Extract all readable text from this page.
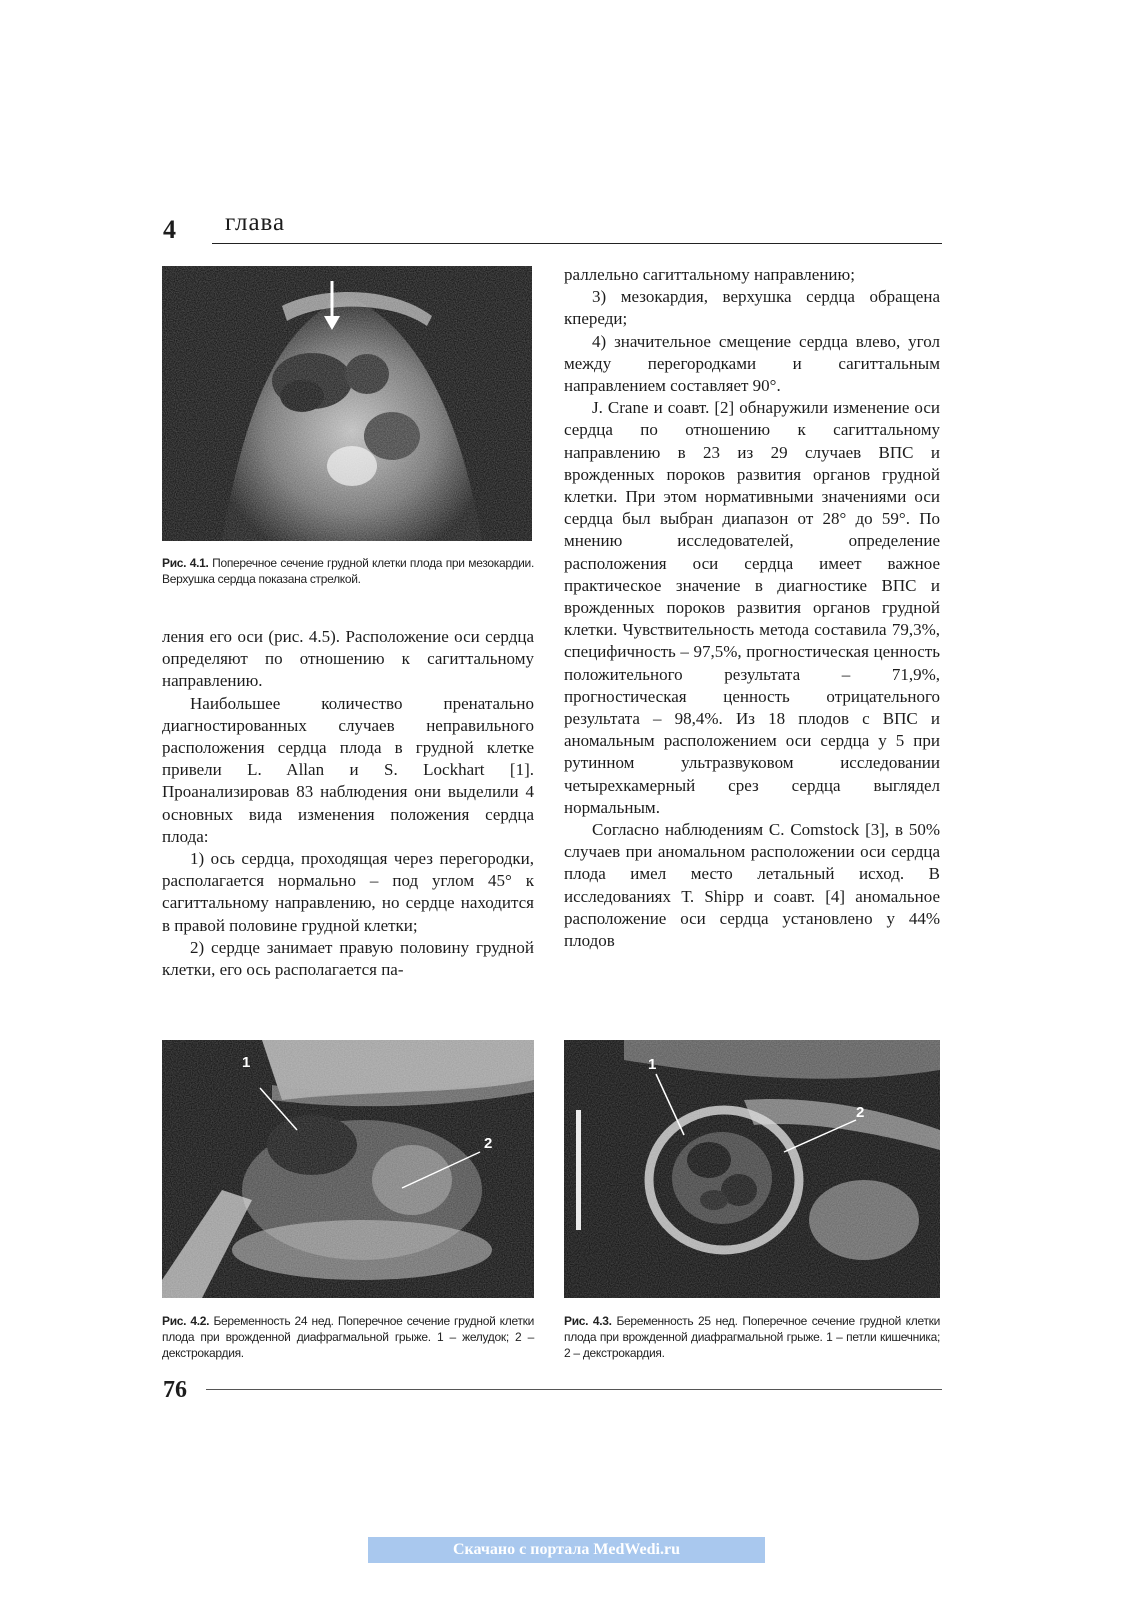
4 глава
Рис. 4.1. Поперечное сечение грудной клетки плода при мезокардии. Верхушка сердца показана стрелкой.

ления его оси (рис. 4.5). Расположение оси сердца определяют по отношению к сагиттальному направлению.

Наибольшее количество пренатально диагностированных случаев неправильного расположения сердца плода в грудной клетке привели L. Allan и S. Lockhart [1]. Проанализировав 83 наблюдения они выделили 4 основных вида изменения положения сердца плода:

1) ось сердца, проходящая через перегородки, располагается нормально – под углом 45° к сагиттальному направлению, но сердце находится в правой половине грудной клетки;

2) сердце занимает правую половину грудной клетки, его ось располагается па-

раллельно сагиттальному направлению;

3) мезокардия, верхушка сердца обращена кпереди;

4) значительное смещение сердца влево, угол между перегородками и сагиттальным направлением составляет 90°.

J. Crane и соавт. [2] обнаружили изменение оси сердца по отношению к сагиттальному направлению в 23 из 29 случаев ВПС и врожденных пороков развития органов грудной клетки. При этом нормативными значениями оси сердца был выбран диапазон от 28° до 59°. По мнению исследователей, определение расположения оси сердца имеет важное практическое значение в диагностике ВПС и врожденных пороков развития органов грудной клетки. Чувствительность метода составила 79,3%, специфичность – 97,5%, прогностическая ценность положительного результата – 71,9%, прогностическая ценность отрицательного результата – 98,4%. Из 18 плодов с ВПС и аномальным расположением оси сердца у 5 при рутинном ультразвуковом исследовании четырехкамерный срез сердца выглядел нормальным.

Согласно наблюдениям С. Comstock [3], в 50% случаев при аномальном расположении оси сердца плода имел место летальный исход. В исследованиях Т. Shipp и соавт. [4] аномальное расположение оси сердца установлено у 44% плодов

1
2
Рис. 4.2. Беременность 24 нед. Поперечное сечение грудной клетки плода при врожденной диафрагмальной грыже. 1 – желудок; 2 – декстрокардия.
1
2
Рис. 4.3. Беременность 25 нед. Поперечное сечение грудной клетки плода при врожденной диафрагмальной грыже. 1 – петли кишечника; 2 – декстрокардия.
76
Скачано с портала MedWedi.ru
